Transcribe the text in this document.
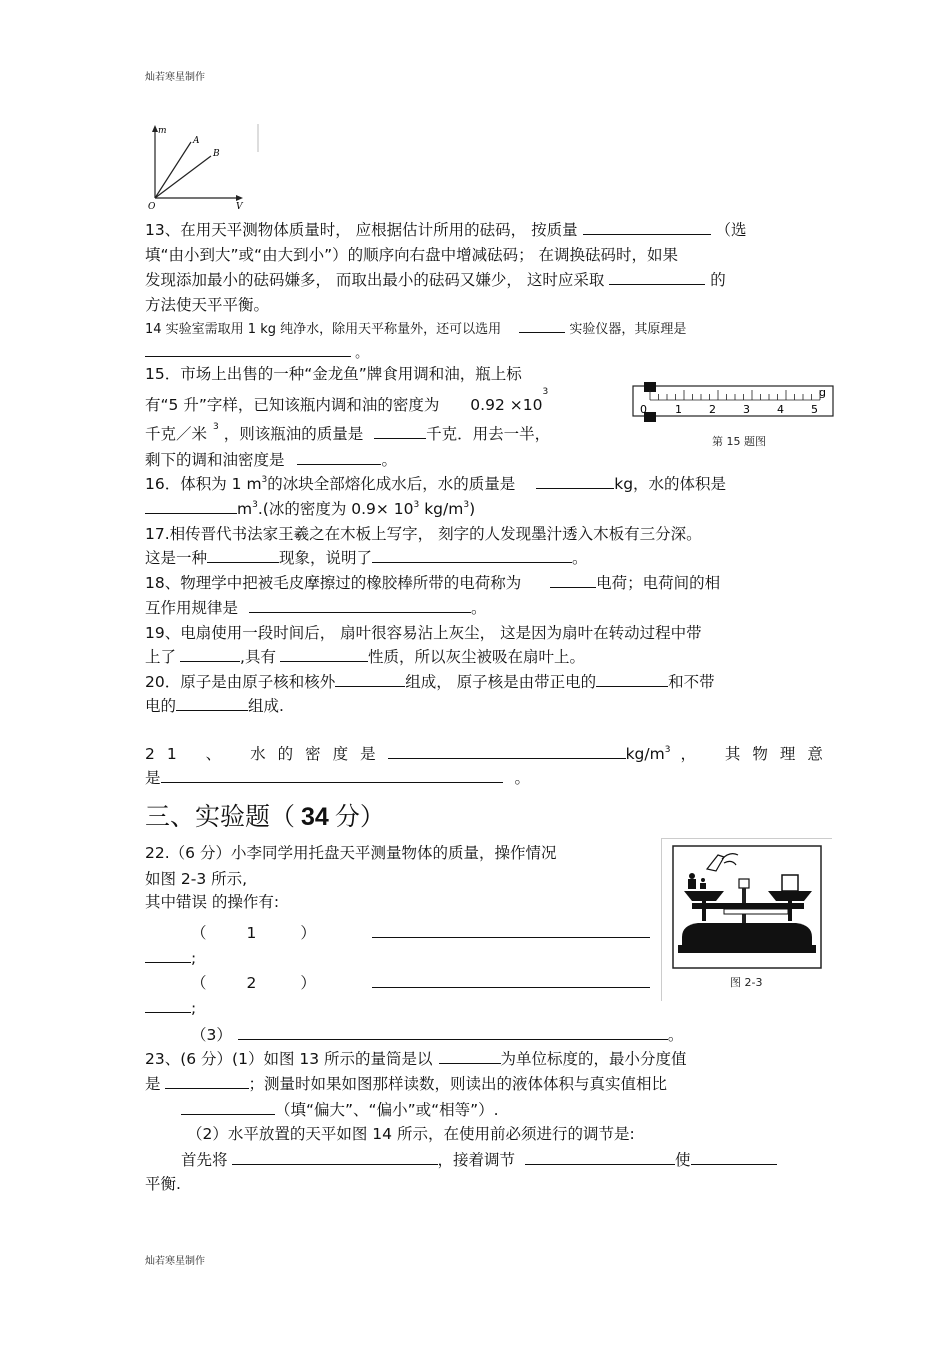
灿若寒星制作
m
A
B
O	V
13、在用天平测物体质量时， 应根据估计所用的砝码， 按质量	（选
填“由小到大”或“由大到小”）的顺序向右盘中增减砝码； 在调换砝码时，如果
发现添加最小的砝码嫌多， 而取出最小的砝码又嫌少， 这时应采取	的
方法使天平平衡。
14 实验室需取用 1 kg 纯净水，除用天平称量外，还可以选用	实验仪器，其原理是
。
15．市场上出售的一种“金龙鱼”牌食用调和油，瓶上标
有“5 升”字样，已知该瓶内调和油的密度为 $0.92 \times 10^3$
千克／米 $^3$ ，则该瓶油的质量是	千克．用去一半，
剩下的调和油密度是	。
g
0	1 2 3 4 5
第 15 题图
16．体积为 1 $m^3$的冰块全部熔化成水后，水的质量是	kg，水的体积是
$m^3$.(冰的密度为 $0.9\times 10^3$ $kg/m^3$)
17.相传晋代书法家王羲之在木板上写字， 刻字的人发现墨汁透入木板有三分深。
这是一种	现象，说明了	。
18、物理学中把被毛皮摩擦过的橡胶棒所带的电荷称为	电荷；电荷间的相
互作用规律是	。
19、电扇使用一段时间后， 扇叶很容易沾上灰尘， 这是因为扇叶在转动过程中带
上了	,具有	性质，所以灰尘被吸在扇叶上。
20．原子是由原子核和核外	组成， 原子核是由带正电的	和不带
电的	组成.
21 、 水的密度是	$kg/m^3$ ， 其物理意
是	。
三、实验题（ 34 分）
22.（6 分）小李同学用托盘天平测量物体的质量，操作情况
如图 2-3 所示,
其中错误 的操作有:
（	1	）
;
（	2	）
;
（3）	。
图 2-3
23、(6 分）(1）如图 13 所示的量筒是以	为单位标度的，最小分度值
是	；测量时如果如图那样读数，则读出的液体体积与真实值相比
（填“偏大”、“偏小”或“相等”）.
（2）水平放置的天平如图 14 所示，在使用前必须进行的调节是:
首先将	，接着调节	使
平衡.
灿若寒星制作
